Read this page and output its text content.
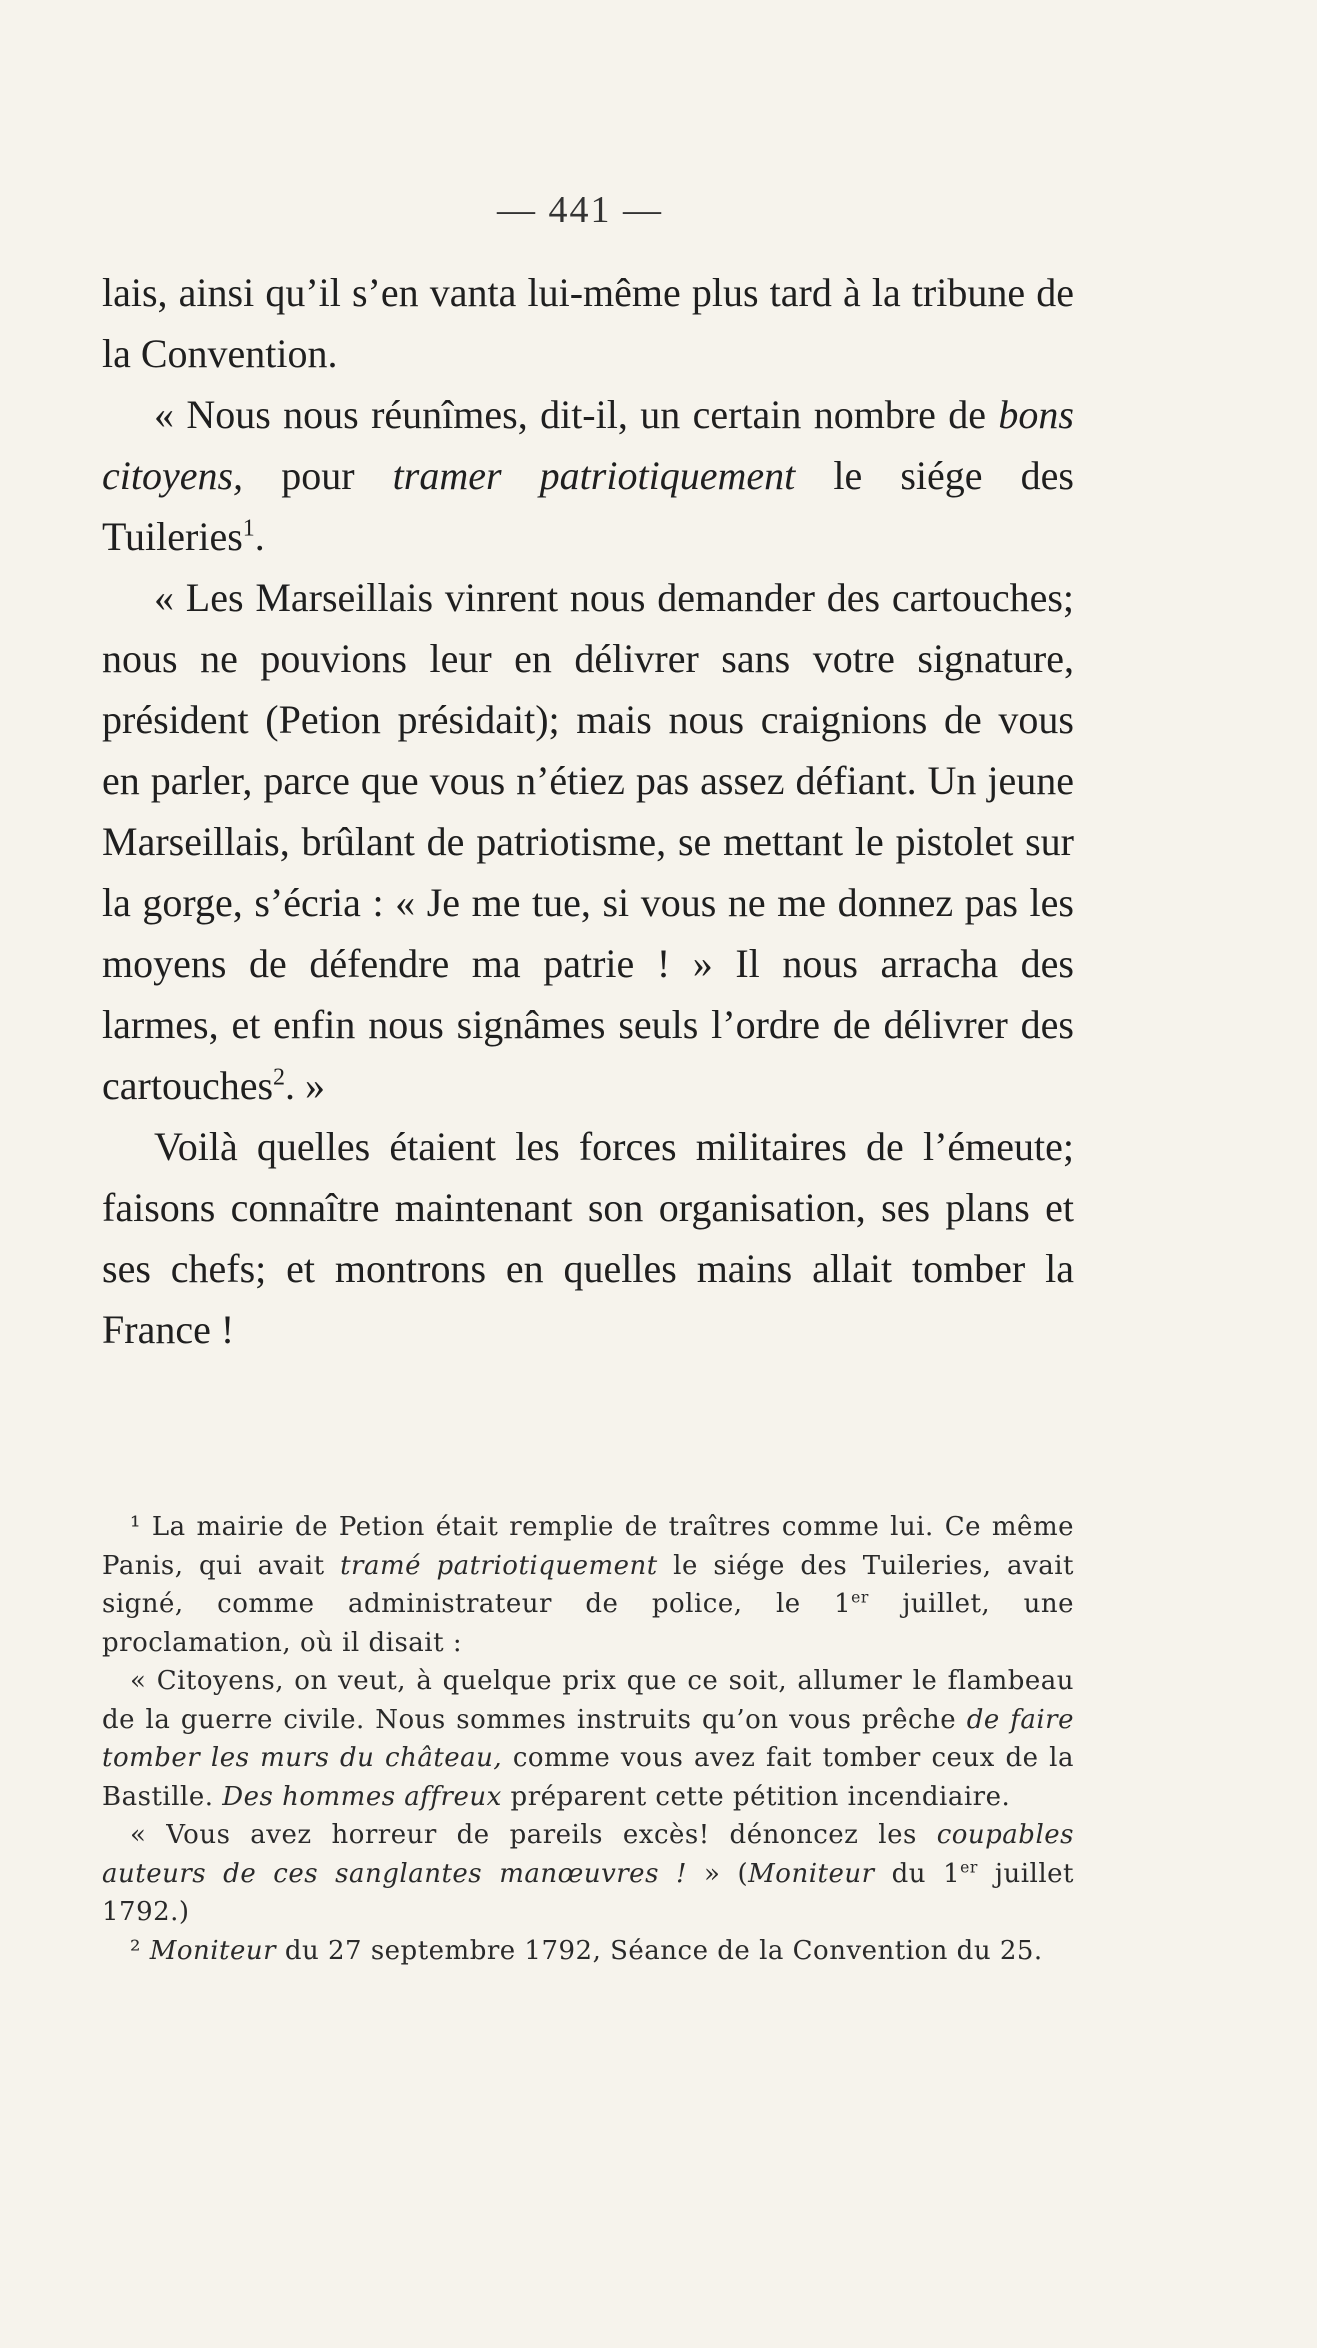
— 441 —

lais, ainsi qu’il s’en vanta lui-même plus tard à la tribune de la Convention.

« Nous nous réunîmes, dit-il, un certain nombre de bons citoyens, pour tramer patriotiquement le siége des Tuileries$^1$.

« Les Marseillais vinrent nous demander des cartouches; nous ne pouvions leur en délivrer sans votre signature, président (Petion présidait); mais nous craignions de vous en parler, parce que vous n’étiez pas assez défiant. Un jeune Marseillais, brûlant de patriotisme, se mettant le pistolet sur la gorge, s’écria : « Je me tue, si vous ne me donnez pas les moyens de défendre ma patrie ! » Il nous arracha des larmes, et enfin nous signâmes seuls l’ordre de délivrer des cartouches$^2$. »

Voilà quelles étaient les forces militaires de l’émeute; faisons connaître maintenant son organisation, ses plans et ses chefs; et montrons en quelles mains allait tomber la France !

¹ La mairie de Petion était remplie de traîtres comme lui. Ce même Panis, qui avait tramé patriotiquement le siége des Tuileries, avait signé, comme administrateur de police, le 1er juillet, une proclamation, où il disait :

« Citoyens, on veut, à quelque prix que ce soit, allumer le flambeau de la guerre civile. Nous sommes instruits qu’on vous prêche de faire tomber les murs du château, comme vous avez fait tomber ceux de la Bastille. Des hommes affreux préparent cette pétition incendiaire.

« Vous avez horreur de pareils excès! dénoncez les coupables auteurs de ces sanglantes manœuvres ! » (Moniteur du 1er juillet 1792.)

² Moniteur du 27 septembre 1792, Séance de la Convention du 25.
